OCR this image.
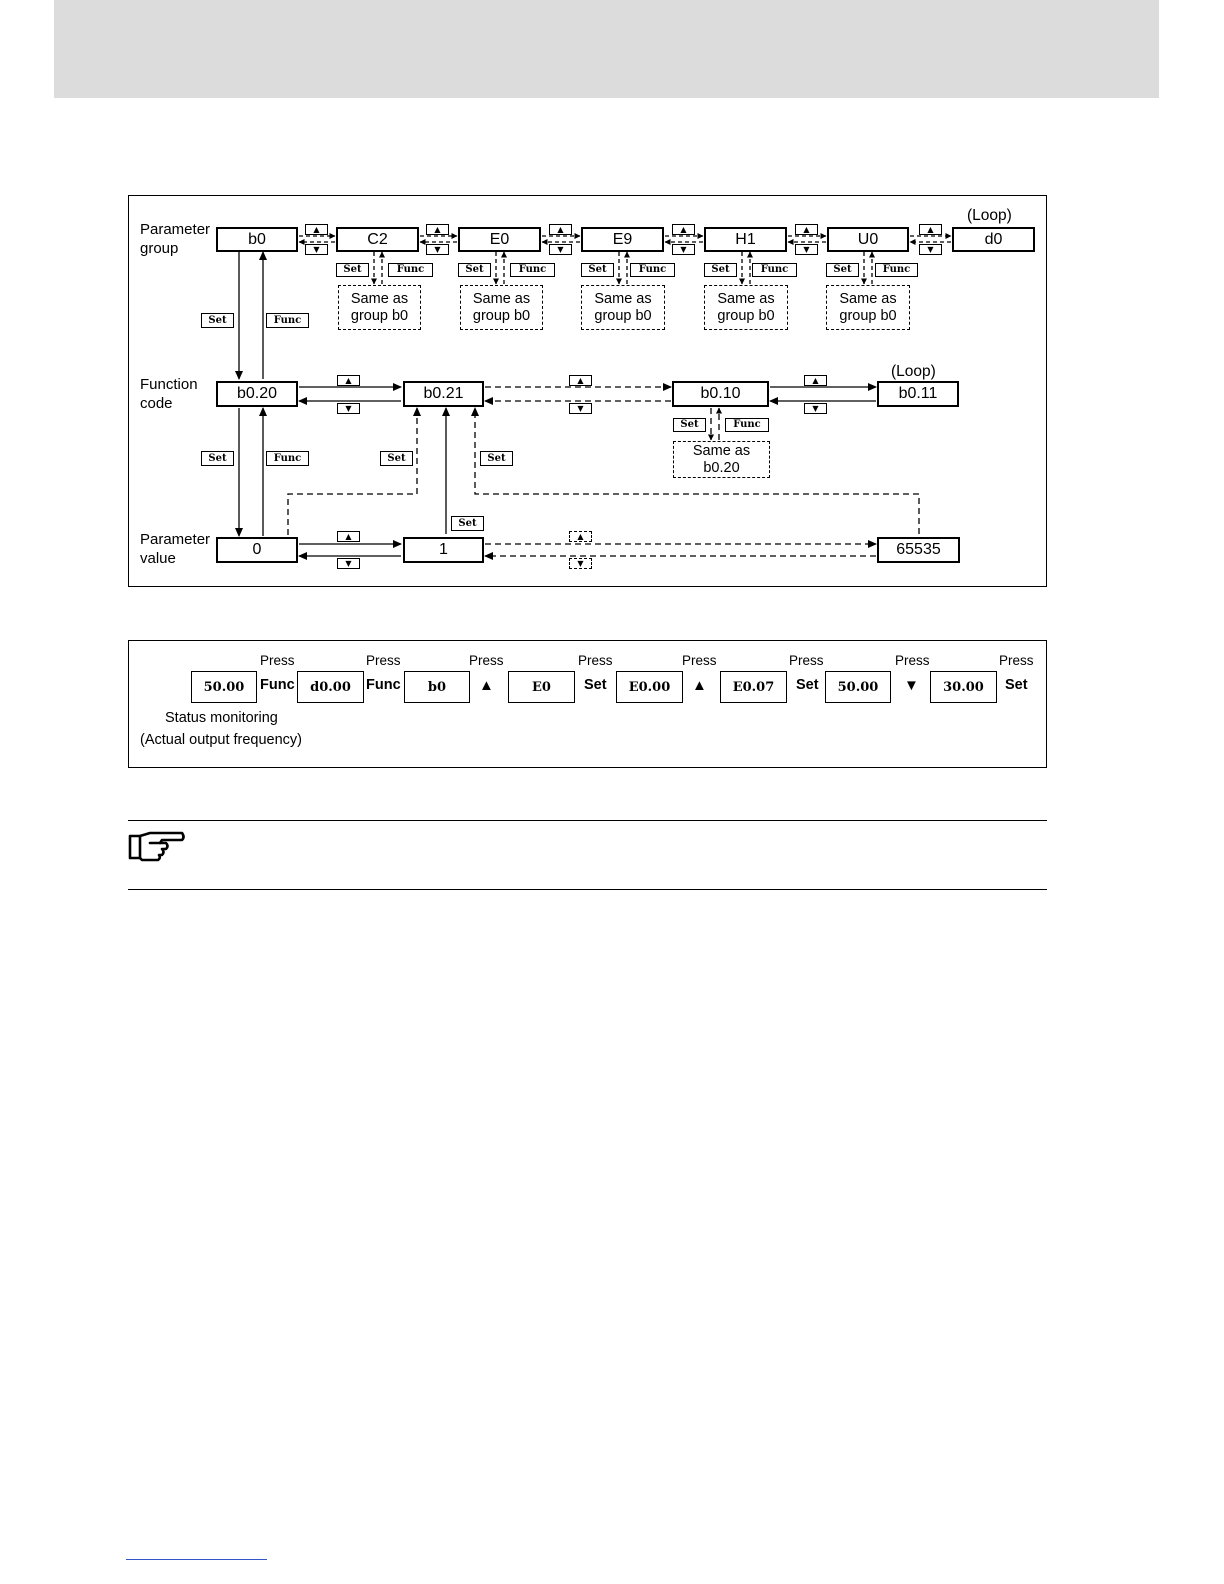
Parameter
group
Function
code
Parameter
value
(Loop)
(Loop)
b0	C2	E0	E9	H1	U0	d0
▲
▼
▲
▼
▲
▼
▲
▼
▲
▼
▲
▼
Set	Func	Set	Func	Set	Func	Set	Func	Set	Func
Same as
group b0
Same as
group b0
Same as
group b0
Same as
group b0
Same as
group b0
Set	Func
b0.20	b0.21	b0.10	b0.11
▲
▼
▲
▼
▲
▼
Set	Func
Same as
b0.20
Set	Func	Set	Set
Set
0	1	65535
▲
▼
▲
▼
Press	Press	Press	Press	Press	Press	Press	Press
50.00	Func	d0.00	Func	b0	▲	E0	Set	E0.00	▲	E0.07	Set	50.00	▼	30.00	Set
Status monitoring
(Actual output frequency)
